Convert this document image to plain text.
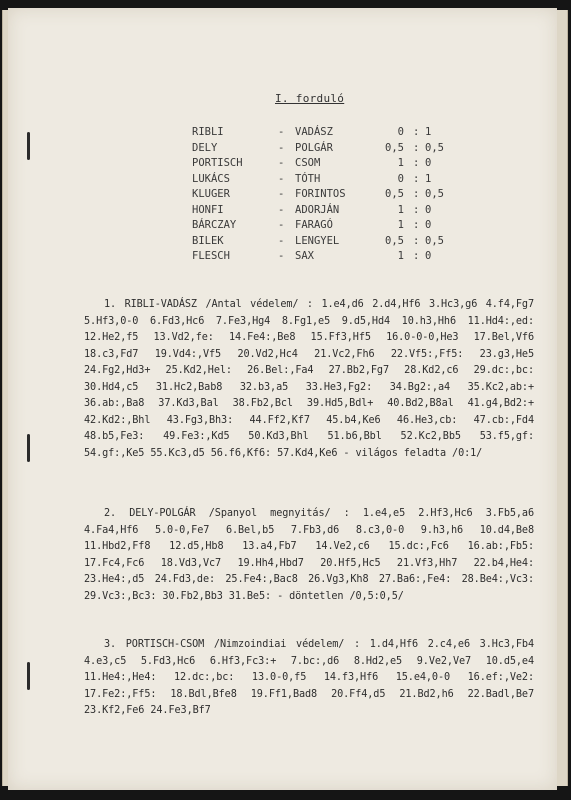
I. forduló
RIBLI	- VADÁSZ	0 : 1
DELY	- POLGÁR	0,5 : 0,5
PORTISCH	- CSOM	1 : 0
LUKÁCS	- TÓTH	0 : 1
KLUGER	- FORINTOS	0,5 : 0,5
HONFI	- ADORJÁN	1 : 0
BÁRCZAY	- FARAGÓ	1 : 0
BILEK	- LENGYEL	0,5 : 0,5
FLESCH	- SAX	1 : 0

1. RIBLI-VADÁSZ /Antal védelem/ : 1.e4,d6 2.d4,Hf6 3.Hc3,g6 4.f4,Fg7 5.Hf3,0-0 6.Fd3,Hc6 7.Fe3,Hg4 8.Fg1,e5 9.d5,Hd4 10.h3,Hh6 11.Hd4:,ed: 12.He2,f5 13.Vd2,fe: 14.Fe4:,Be8 15.Ff3,Hf5 16.0-0-0,He3 17.Bel,Vf6 18.c3,Fd7 19.Vd4:,Vf5 20.Vd2,Hc4 21.Vc2,Fh6 22.Vf5:,Ff5: 23.g3,He5 24.Fg2,Hd3+ 25.Kd2,Hel: 26.Bel:,Fa4 27.Bb2,Fg7 28.Kd2,c6 29.dc:,bc: 30.Hd4,c5 31.Hc2,Bab8 32.b3,a5 33.He3,Fg2: 34.Bg2:,a4 35.Kc2,ab:+ 36.ab:,Ba8 37.Kd3,Bal 38.Fb2,Bcl 39.Hd5,Bdl+ 40.Bd2,B8al 41.g4,Bd2:+ 42.Kd2:,Bhl 43.Fg3,Bh3: 44.Ff2,Kf7 45.b4,Ke6 46.He3,cb: 47.cb:,Fd4 48.b5,Fe3: 49.Fe3:,Kd5 50.Kd3,Bhl 51.b6,Bbl 52.Kc2,Bb5 53.f5,gf: 54.gf:,Ke5 55.Kc3,d5 56.f6,Kf6: 57.Kd4,Ke6 - világos feladta /0:1/

2. DELY-POLGÁR /Spanyol megnyitás/ : 1.e4,e5 2.Hf3,Hc6 3.Fb5,a6 4.Fa4,Hf6 5.0-0,Fe7 6.Bel,b5 7.Fb3,d6 8.c3,0-0 9.h3,h6 10.d4,Be8 11.Hbd2,Ff8 12.d5,Hb8 13.a4,Fb7 14.Ve2,c6 15.dc:,Fc6 16.ab:,Fb5: 17.Fc4,Fc6 18.Vd3,Vc7 19.Hh4,Hbd7 20.Hf5,Hc5 21.Vf3,Hh7 22.b4,He4: 23.He4:,d5 24.Fd3,de: 25.Fe4:,Bac8 26.Vg3,Kh8 27.Ba6:,Fe4: 28.Be4:,Vc3: 29.Vc3:,Bc3: 30.Fb2,Bb3 31.Be5: - döntetlen /0,5:0,5/

3. PORTISCH-CSOM /Nimzoindiai védelem/ : 1.d4,Hf6 2.c4,e6 3.Hc3,Fb4 4.e3,c5 5.Fd3,Hc6 6.Hf3,Fc3:+ 7.bc:,d6 8.Hd2,e5 9.Ve2,Ve7 10.d5,e4 11.He4:,He4: 12.dc:,bc: 13.0-0,f5 14.f3,Hf6 15.e4,0-0 16.ef:,Ve2: 17.Fe2:,Ff5: 18.Bdl,Bfe8 19.Ff1,Bad8 20.Ff4,d5 21.Bd2,h6 22.Badl,Be7 23.Kf2,Fe6 24.Fe3,Bf7
